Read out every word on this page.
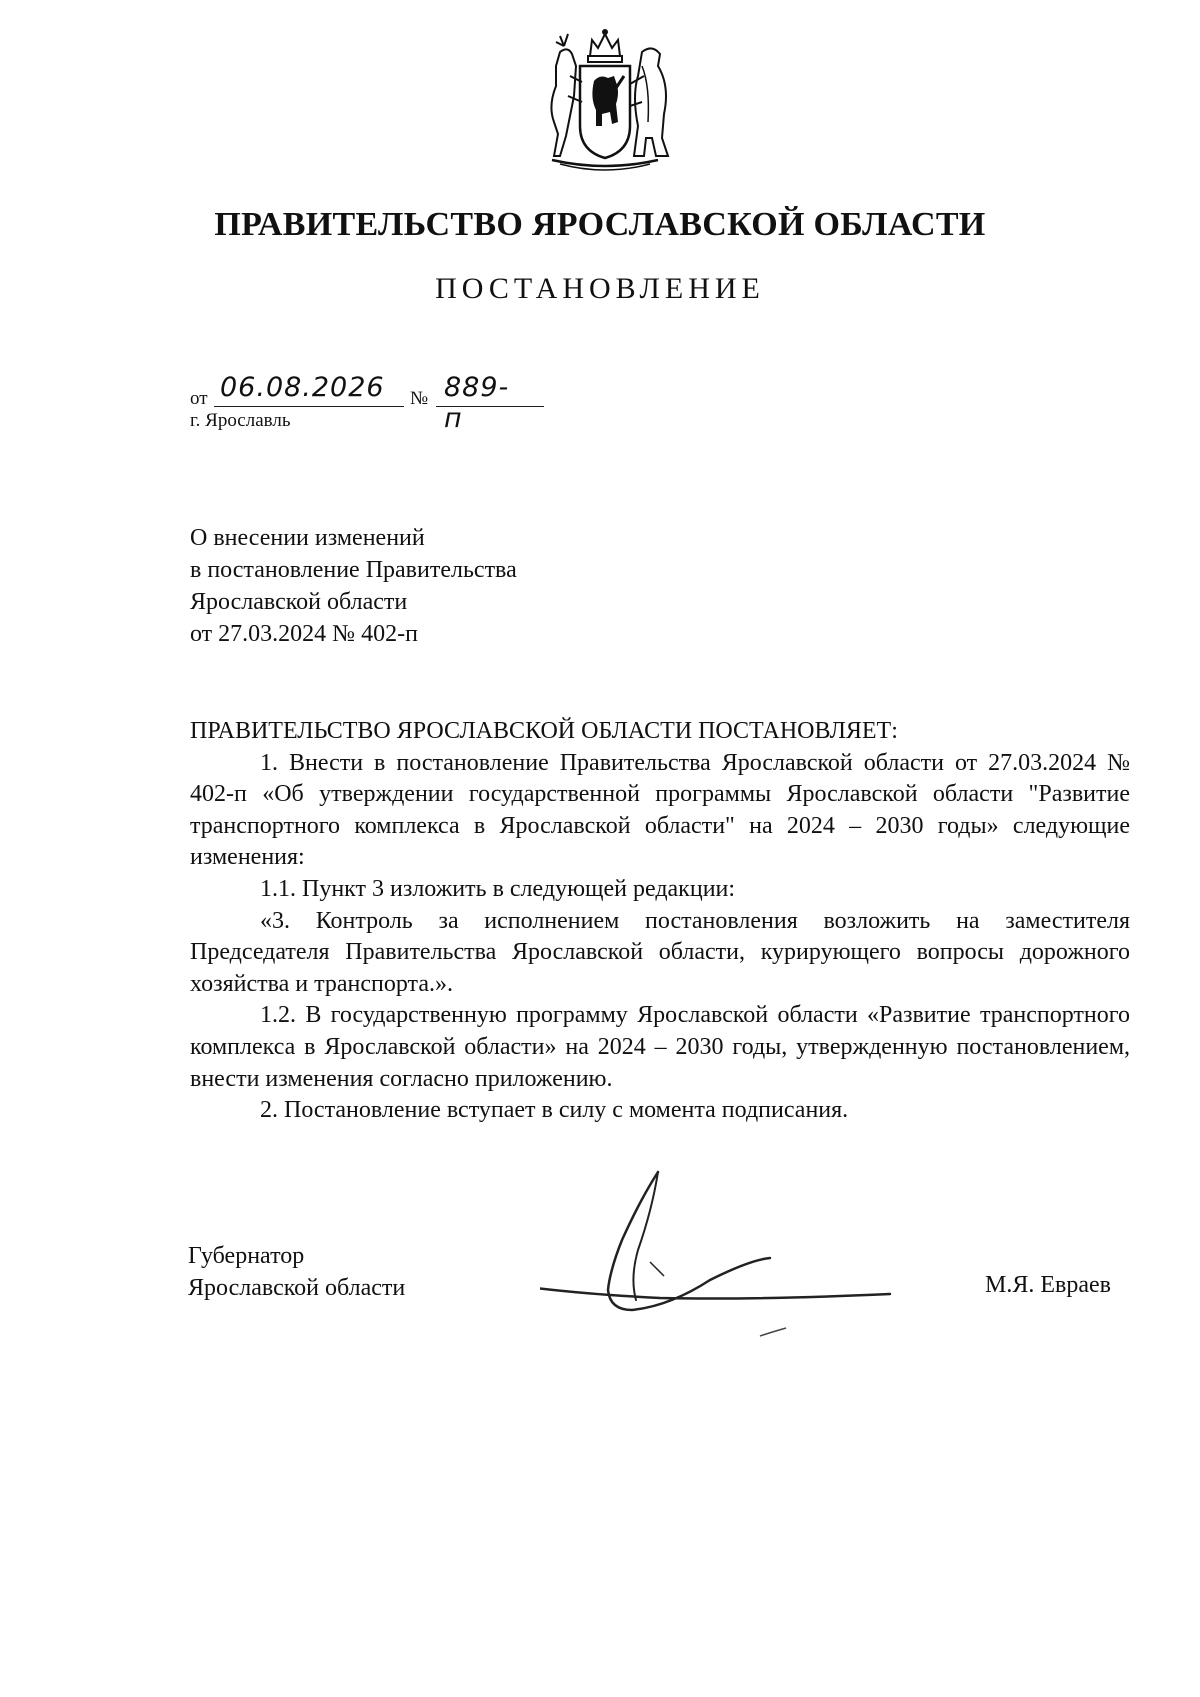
ПРАВИТЕЛЬСТВО ЯРОСЛАВСКОЙ ОБЛАСТИ
ПОСТАНОВЛЕНИЕ
от 06.08.2026 № 889-п
г. Ярославль
О внесении изменений
в постановление Правительства
Ярославской области
от 27.03.2024 № 402-п
ПРАВИТЕЛЬСТВО ЯРОСЛАВСКОЙ ОБЛАСТИ ПОСТАНОВЛЯЕТ:
1. Внести в постановление Правительства Ярославской области от 27.03.2024 № 402-п «Об утверждении государственной программы Ярославской области "Развитие транспортного комплекса в Ярославской области" на 2024 – 2030 годы» следующие изменения:
1.1. Пункт 3 изложить в следующей редакции:
«3. Контроль за исполнением постановления возложить на заместителя Председателя Правительства Ярославской области, курирующего вопросы дорожного хозяйства и транспорта.».
1.2. В государственную программу Ярославской области «Развитие транспортного комплекса в Ярославской области» на 2024 – 2030 годы, утвержденную постановлением, внести изменения согласно приложению.
2. Постановление вступает в силу с момента подписания.
Губернатор
Ярославской области	М.Я. Евраев
